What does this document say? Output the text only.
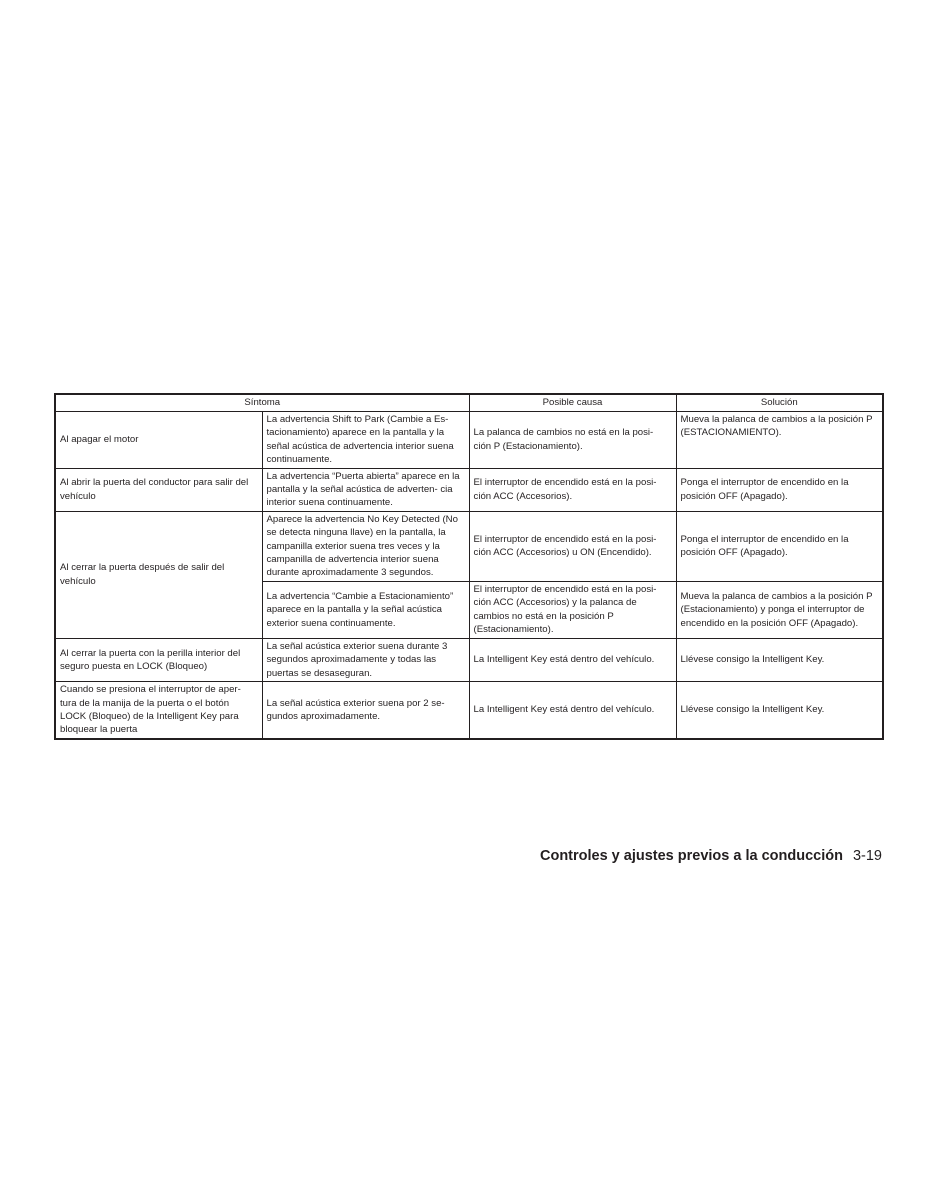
Síntoma		Posible causa	Solución
Al apagar el motor	La advertencia Shift to Park (Cambie a Es- tacionamiento) aparece en la pantalla y la señal acústica de advertencia interior suena continuamente.	La palanca de cambios no está en la posi- ción P (Estacionamiento).	Mueva la palanca de cambios a la posición P (ESTACIONAMIENTO).
Al abrir la puerta del conductor para salir del vehículo	La advertencia “Puerta abierta” aparece en la pantalla y la señal acústica de adverten- cia interior suena continuamente.	El interruptor de encendido está en la posi- ción ACC (Accesorios).	Ponga el interruptor de encendido en la posición OFF (Apagado).
Al cerrar la puerta después de salir del vehículo	Aparece la advertencia No Key Detected (No se detecta ninguna llave) en la pantalla, la campanilla exterior suena tres veces y la campanilla de advertencia interior suena durante aproximadamente 3 segundos.	El interruptor de encendido está en la posi- ción ACC (Accesorios) u ON (Encendido).	Ponga el interruptor de encendido en la posición OFF (Apagado).
	La advertencia “Cambie a Estacionamiento” aparece en la pantalla y la señal acústica exterior suena continuamente.	El interruptor de encendido está en la posi- ción ACC (Accesorios) y la palanca de cambios no está en la posición P (Estacionamiento).	Mueva la palanca de cambios a la posición P (Estacionamiento) y ponga el interruptor de encendido en la posición OFF (Apagado).
Al cerrar la puerta con la perilla interior del seguro puesta en LOCK (Bloqueo)	La señal acústica exterior suena durante 3 segundos aproximadamente y todas las puertas se desaseguran.	La Intelligent Key está dentro del vehículo.	Llévese consigo la Intelligent Key.
Cuando se presiona el interruptor de aper- tura de la manija de la puerta o el botón LOCK (Bloqueo) de la Intelligent Key para bloquear la puerta	La señal acústica exterior suena por 2 se- gundos aproximadamente.	La Intelligent Key está dentro del vehículo.	Llévese consigo la Intelligent Key.
Controles y ajustes previos a la conducción 3-19
